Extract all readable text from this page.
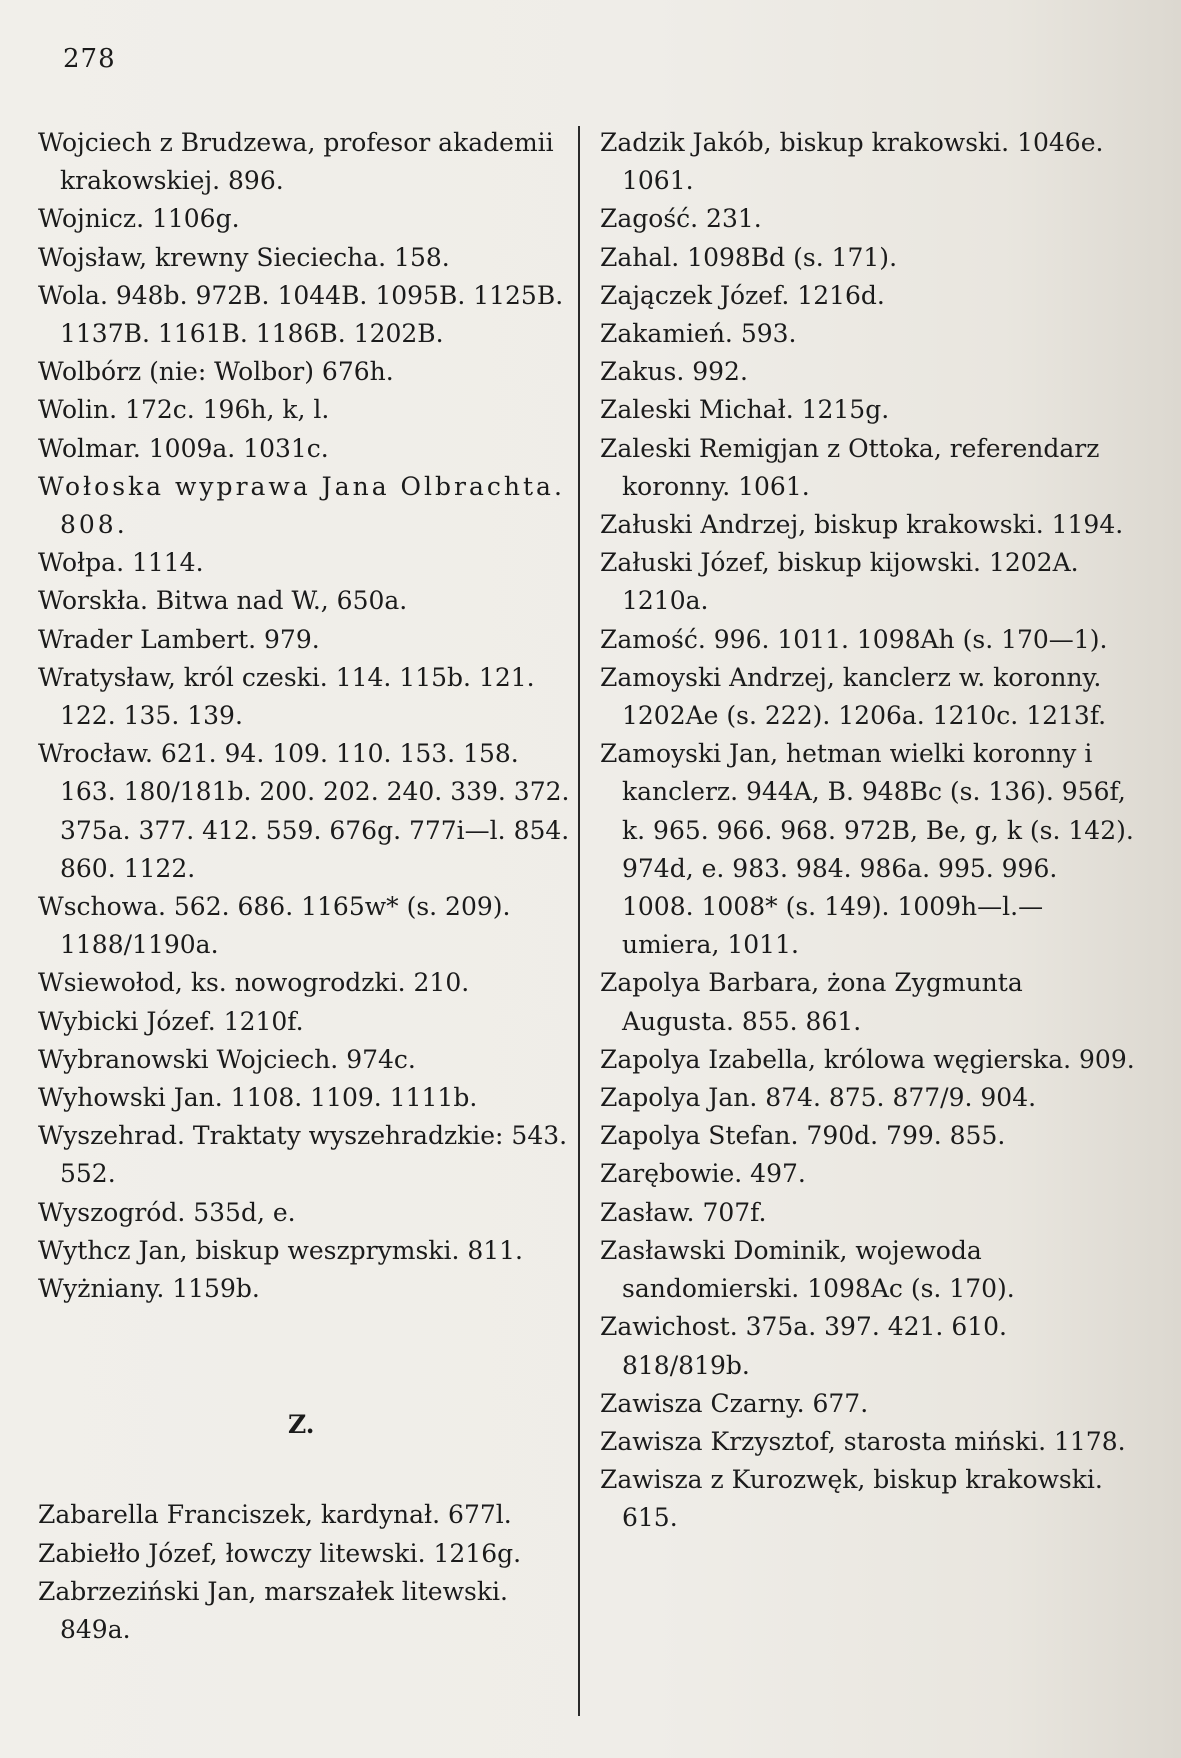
278

Wojciech z Brudzewa, profesor akademii krakowskiej. 896.

Wojnicz. 1106g.

Wojsław, krewny Sieciecha. 158.

Wola. 948b. 972B. 1044B. 1095B. 1125B. 1137B. 1161B. 1186B. 1202B.

Wolbórz (nie: Wolbor) 676h.

Wolin. 172c. 196h, k, l.

Wolmar. 1009a. 1031c.

Wołoska wyprawa Jana Olbrachta. 808.

Wołpa. 1114.

Worskła. Bitwa nad W., 650a.

Wrader Lambert. 979.

Wratysław, król czeski. 114. 115b. 121. 122. 135. 139.

Wrocław. 621. 94. 109. 110. 153. 158. 163. 180/181b. 200. 202. 240. 339. 372. 375a. 377. 412. 559. 676g. 777i—l. 854. 860. 1122.

Wschowa. 562. 686. 1165w* (s. 209). 1188/1190a.

Wsiewołod, ks. nowogrodzki. 210.

Wybicki Józef. 1210f.

Wybranowski Wojciech. 974c.

Wyhowski Jan. 1108. 1109. 1111b.

Wyszehrad. Traktaty wyszehradzkie: 543. 552.

Wyszogród. 535d, e.

Wythcz Jan, biskup weszprymski. 811.

Wyżniany. 1159b.

Z.

Zabarella Franciszek, kardynał. 677l.

Zabiełło Józef, łowczy litewski. 1216g.

Zabrzeziński Jan, marszałek litewski. 849a.

Zadzik Jakób, biskup krakowski. 1046e. 1061.

Zagość. 231.

Zahal. 1098Bd (s. 171).

Zajączek Józef. 1216d.

Zakamień. 593.

Zakus. 992.

Zaleski Michał. 1215g.

Zaleski Remigjan z Ottoka, referendarz koronny. 1061.

Załuski Andrzej, biskup krakowski. 1194.

Załuski Józef, biskup kijowski. 1202A. 1210a.

Zamość. 996. 1011. 1098Ah (s. 170—1).

Zamoyski Andrzej, kanclerz w. koronny. 1202Ae (s. 222). 1206a. 1210c. 1213f.

Zamoyski Jan, hetman wielki koronny i kanclerz. 944A, B. 948Bc (s. 136). 956f, k. 965. 966. 968. 972B, Be, g, k (s. 142). 974d, e. 983. 984. 986a. 995. 996. 1008. 1008* (s. 149). 1009h—l.— umiera, 1011.

Zapolya Barbara, żona Zygmunta Augusta. 855. 861.

Zapolya Izabella, królowa węgierska. 909.

Zapolya Jan. 874. 875. 877/9. 904.

Zapolya Stefan. 790d. 799. 855.

Zarębowie. 497.

Zasław. 707f.

Zasławski Dominik, wojewoda sandomierski. 1098Ac (s. 170).

Zawichost. 375a. 397. 421. 610. 818/819b.

Zawisza Czarny. 677.

Zawisza Krzysztof, starosta miński. 1178.

Zawisza z Kurozwęk, biskup krakowski. 615.
